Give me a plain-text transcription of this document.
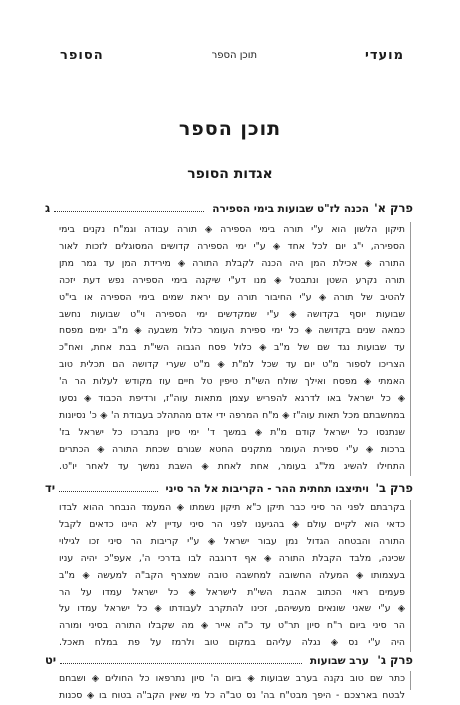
מועדי
תוכן הספר
הסופר
תוכן הספר
אגדות הסופר
פרק א'
הכנה לז"ט שבועות בימי הספירה
ג
תיקון הלשון הוא ע"י תורה בימי הספירה ◈ תורה עבודה וגמ"ח נקנים בימי
הספירה, י"ג יום לכל אחד ◈ ע"י ימי הספירה קדושים המסוגלים לזכות לאור
התורה ◈ אכילת המן היה הכנה לקבלת התורה ◈ מירידת המן עד גמר מתן
תורה נקרע השטן ונתבטל ◈ מנו דע"י שיקנה בימי הספירה נפש דעת יזכה
להטיב של תורה ◈ ע"י החיבור תורה עם יראת שמים בימי הספירה או בי"ט
שבועות יוסף בקדושה ◈ ע"י שמקדשים ימי הספירה וי"ט שבועות נחשב
כמאה שנים בקדושה ◈ כל ימי ספירת העומר כלול משבעה ◈ מ"ב ימים מפסח
עד שבועות נגד שם של מ"ב ◈ כלול פסח הגבוה השי"ת בבת אחת, ואח"כ
הצריכו לספור מ"ט יום עד שכל למ"ת ◈ מ"ט שערי קדושה הם תכלית טוב
האמתי ◈ מפסח ואילך שולח השי"ת טיפין טל חיים עוז מקודש לעלות הר ה'
◈ כל ישראל באו לדרגא להפריש עצמן מתאות עוה"ז, ורדיפת הכבוד ◈ נסעו
במחשבתם מכל תאות עוה"ז ◈ מ"ח המרפה ידי אדם מהתהלכ בעבודת ה' ◈ כ' נסיונות
שנתנסו כל ישראל קודם מ"ת ◈ במשך ד' ימי סיון נתברכו כל ישראל בז'
ברכות ◈ ע"י ספירת העומר מתקנים החטא שגורם שכחת התורה ◈ הכתרים
התחילו להשיג מל"ג בעומר, אחת לאחת ◈ השבת נמשך עד לאחר יו"ט.
פרק ב'
ויתיצבו תחתית ההר - הקריבות אל הר סיני
יד
בקרבתם לפני הר סיני כבר תיקן כ"א תיקון נשמתו ◈ המעמד הנבחר ההוא לבדו
כדאי הוא לקיים עולם ◈ בהגיענו לפני הר סיני עדיין לא היינו כדאים לקבל
התורה והבטחה הגדול נמן עבור ישראל ◈ ע"י קריבות הר סיני זכו לגילוי
שכינה, מלבד הקבלת התורה ◈ אף דרוגבה לבו בדרכי ה', אעפ"כ יהיה עניו
בעצמותו ◈ המעלה החשובה למחשבה טובה שמצרף הקב"ה למעשה ◈ מ"ב
פעמים ראוי הכתוב אהבת השי"ת לישראל ◈ כל ישראל עמדו על הר
◈ ע"י שאני שונאים מעשיהם, זכינו להתקרב לעבודתו ◈ כל ישראל עמדו על
הר סיני ביום ר"ח סיון תר"ט עד כ"ה אייר ◈ מה שקבלו התורה בסיני ומורה
היה ע"י נס ◈ נגלה עליהם במקום טוב ולרמז על פת במלח תאכל.
פרק ג'
ערב שבועות
יט
כתר שם טוב נקנה בערב שבועות ◈ ביום ה' סיון נתרפאו כל החולים ◈ ושבחם
לבטח בארצכם - היפך מבט"ח בה' נס טב"ה כל מי שאין הקב"ה בטוח בו ◈ סכנות
